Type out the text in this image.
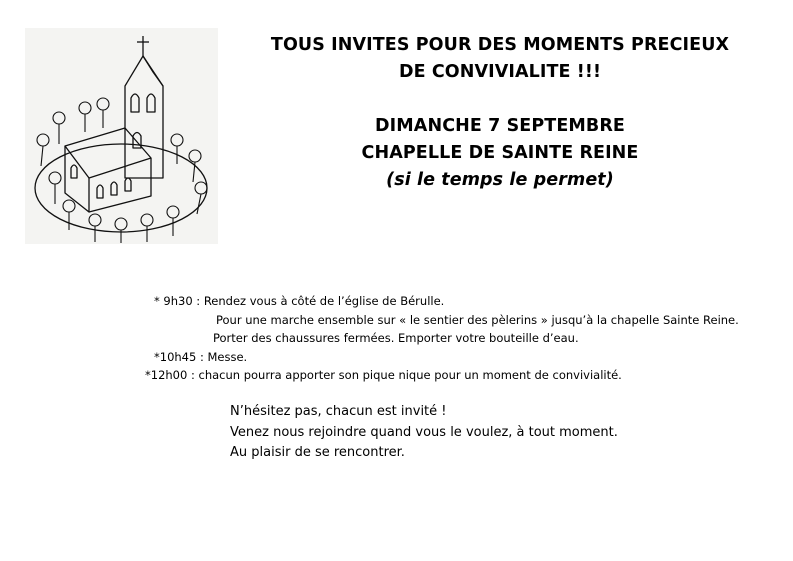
TOUS INVITES POUR DES MOMENTS PRECIEUX
DE CONVIVIALITE !!!
DIMANCHE 7 SEPTEMBRE
CHAPELLE DE SAINTE REINE
(si le temps le permet)
* 9h30 : Rendez vous à côté de l’église de Bérulle.
Pour une marche ensemble sur « le sentier des pèlerins » jusqu’à la chapelle Sainte Reine.
Porter des chaussures fermées. Emporter votre bouteille d’eau.
*10h45 : Messe.
*12h00 : chacun pourra apporter son pique nique pour un moment de convivialité.
N’hésitez pas, chacun est invité !
Venez nous rejoindre quand vous le voulez, à tout moment.
Au plaisir de se rencontrer.
